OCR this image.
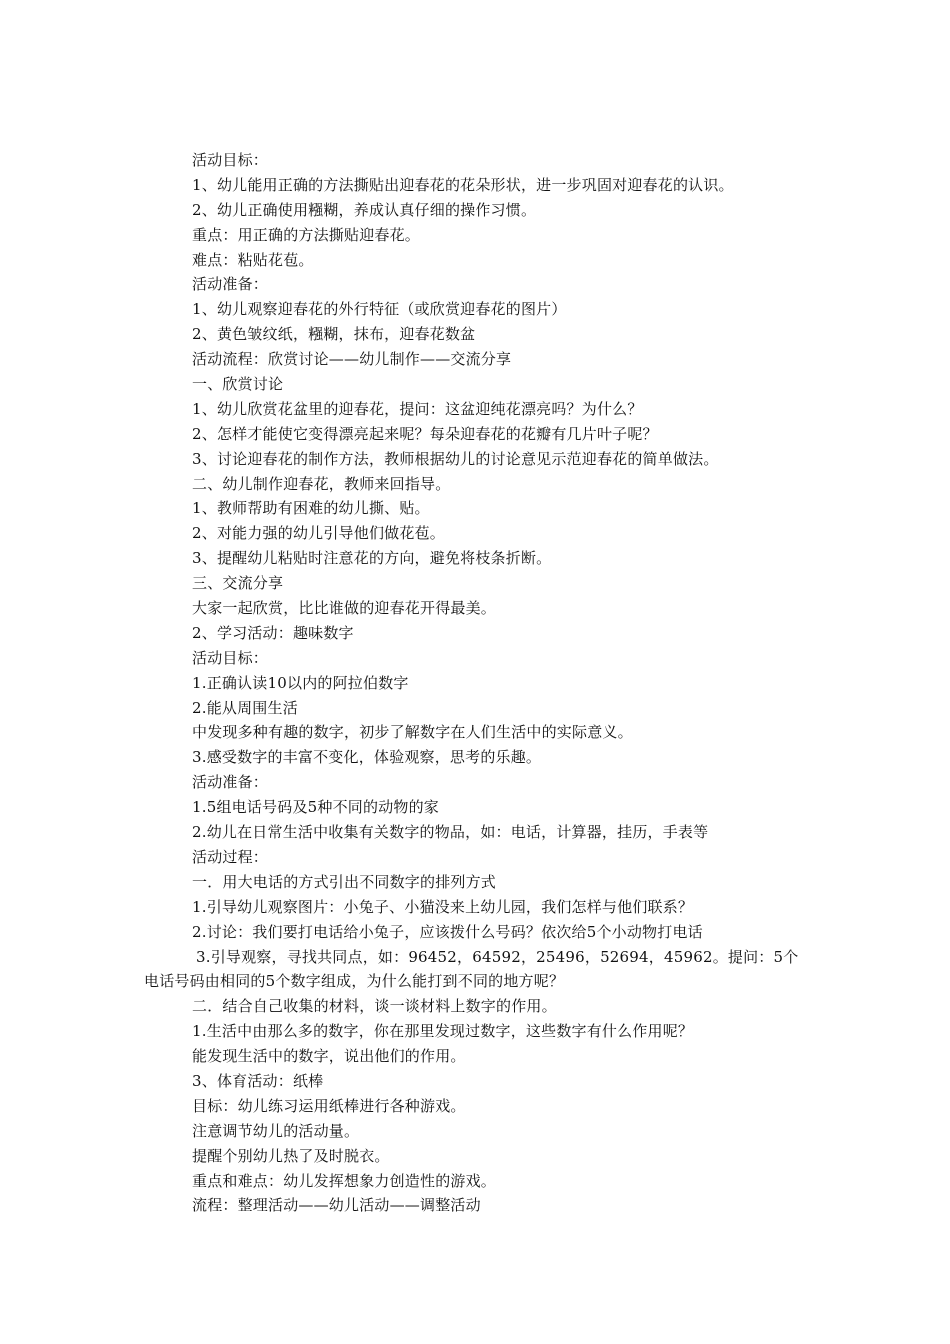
活动目标：
1、幼儿能用正确的方法撕贴出迎春花的花朵形状，进一步巩固对迎春花的认识。
2、幼儿正确使用糨糊，养成认真仔细的操作习惯。
重点：用正确的方法撕贴迎春花。
难点：粘贴花苞。
活动准备：
1、幼儿观察迎春花的外行特征（或欣赏迎春花的图片）
2、黄色皱纹纸，糨糊，抹布，迎春花数盆
活动流程：欣赏讨论——幼儿制作——交流分享
一、欣赏讨论
1、幼儿欣赏花盆里的迎春花，提问：这盆迎纯花漂亮吗？为什么？
2、怎样才能使它变得漂亮起来呢？每朵迎春花的花瓣有几片叶子呢？
3、讨论迎春花的制作方法，教师根据幼儿的讨论意见示范迎春花的简单做法。
二、幼儿制作迎春花，教师来回指导。
1、教师帮助有困难的幼儿撕、贴。
2、对能力强的幼儿引导他们做花苞。
3、提醒幼儿粘贴时注意花的方向，避免将枝条折断。
三、交流分享
大家一起欣赏，比比谁做的迎春花开得最美。
2、学习活动：趣味数字
活动目标：
1.正确认读10以内的阿拉伯数字
2.能从周围生活
中发现多种有趣的数字，初步了解数字在人们生活中的实际意义。
3.感受数字的丰富不变化，体验观察，思考的乐趣。
活动准备：
1.5组电话号码及5种不同的动物的家
2.幼儿在日常生活中收集有关数字的物品，如：电话，计算器，挂历，手表等
活动过程：
一．用大电话的方式引出不同数字的排列方式
1.引导幼儿观察图片：小兔子、小猫没来上幼儿园，我们怎样与他们联系？
2.讨论：我们要打电话给小兔子，应该拨什么号码？依次给5个小动物打电话
3.引导观察，寻找共同点，如：96452，64592，25496，52694，45962。提问：5个
电话号码由相同的5个数字组成，为什么能打到不同的地方呢？
二．结合自己收集的材料，谈一谈材料上数字的作用。
1.生活中由那么多的数字，你在那里发现过数字，这些数字有什么作用呢？
能发现生活中的数字，说出他们的作用。
3、体育活动：纸棒
目标：幼儿练习运用纸棒进行各种游戏。
注意调节幼儿的活动量。
提醒个别幼儿热了及时脱衣。
重点和难点：幼儿发挥想象力创造性的游戏。
流程：整理活动——幼儿活动——调整活动
